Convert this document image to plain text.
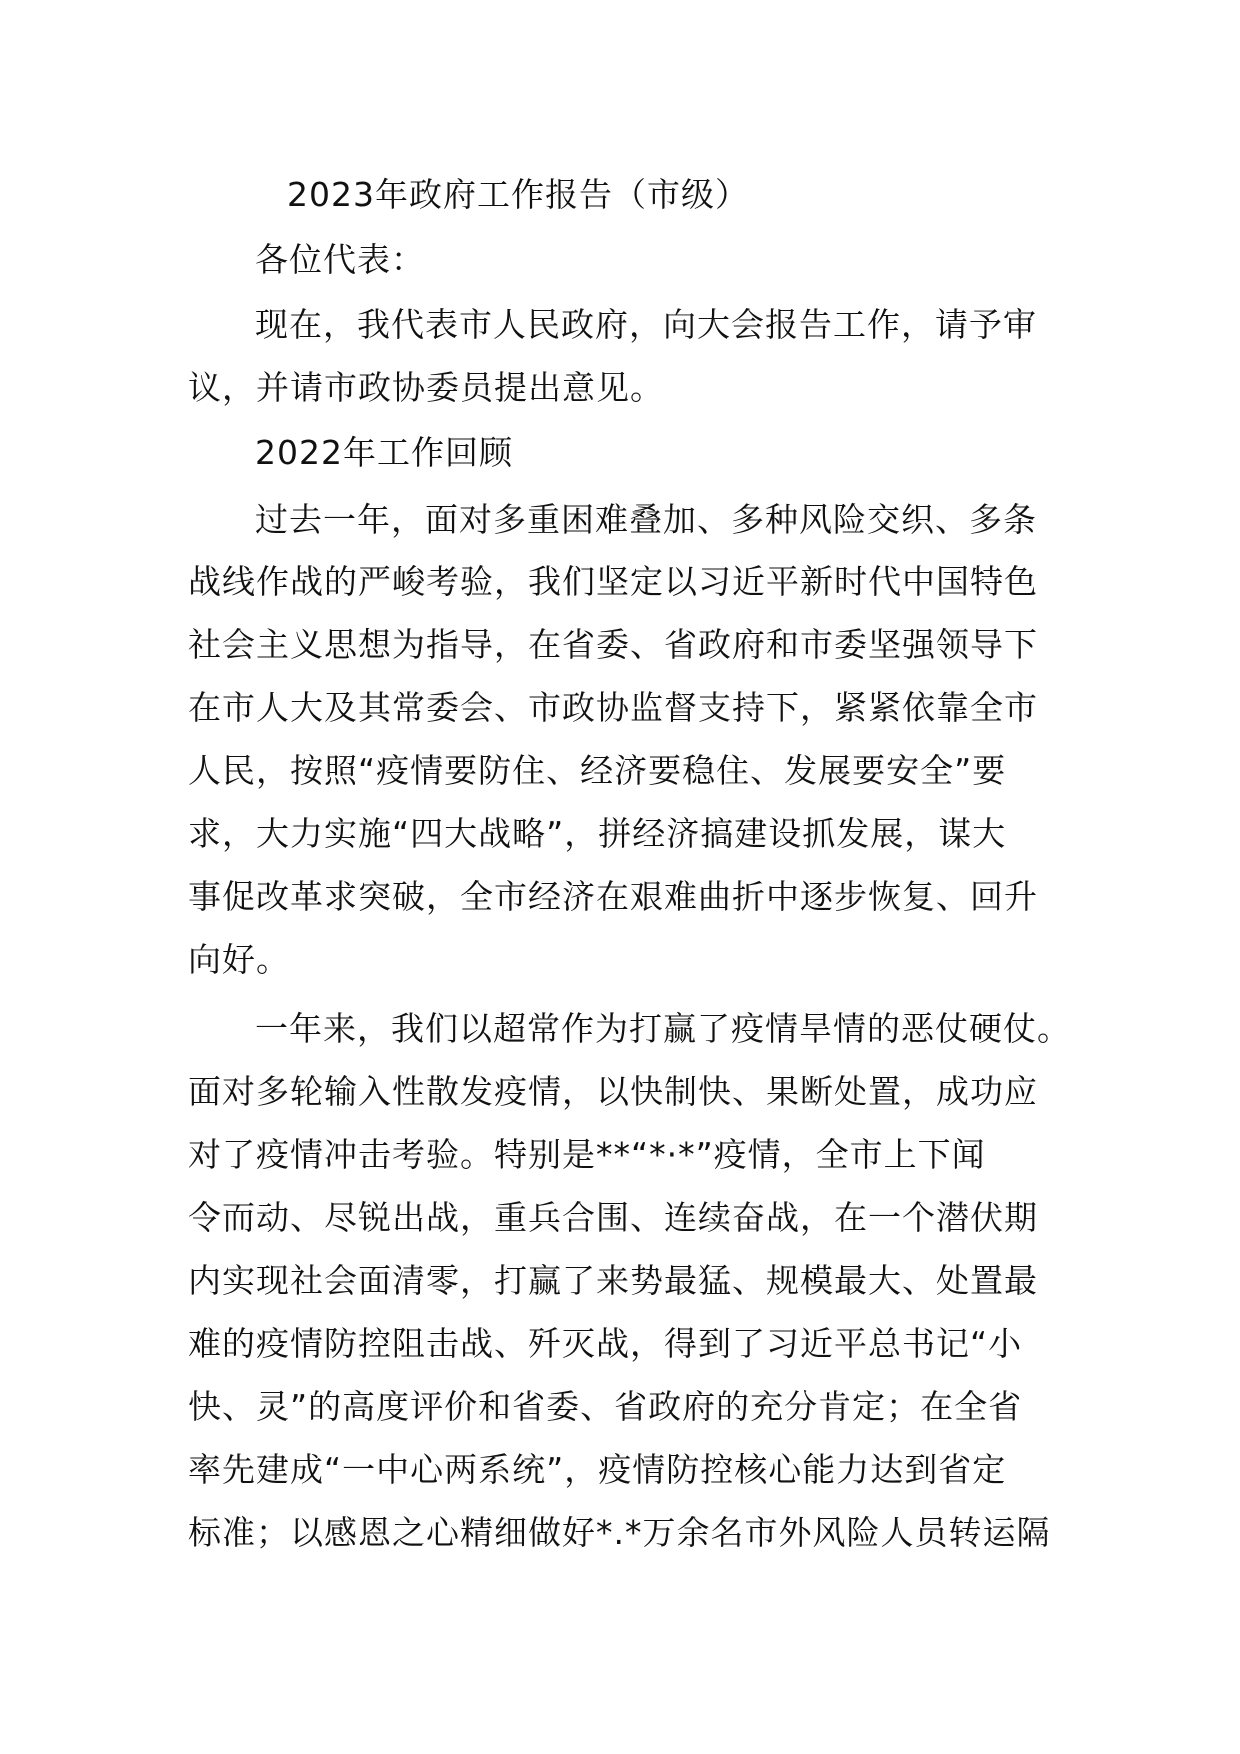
2023年政府工作报告（市级）
各位代表：
现在，我代表市人民政府，向大会报告工作，请予审
议，并请市政协委员提出意见。
2022年工作回顾
过去一年，面对多重困难叠加、多种风险交织、多条
战线作战的严峻考验，我们坚定以习近平新时代中国特色
社会主义思想为指导，在省委、省政府和市委坚强领导下
在市人大及其常委会、市政协监督支持下，紧紧依靠全市
人民，按照“疫情要防住、经济要稳住、发展要安全”要
求，大力实施“四大战略”，拼经济搞建设抓发展，谋大
事促改革求突破，全市经济在艰难曲折中逐步恢复、回升
向好。
一年来，我们以超常作为打赢了疫情旱情的恶仗硬仗。
面对多轮输入性散发疫情，以快制快、果断处置，成功应
对了疫情冲击考验。特别是**“*·*”疫情，全市上下闻
令而动、尽锐出战，重兵合围、连续奋战，在一个潜伏期
内实现社会面清零，打赢了来势最猛、规模最大、处置最
难的疫情防控阻击战、歼灭战，得到了习近平总书记“小
快、灵”的高度评价和省委、省政府的充分肯定；在全省
率先建成“一中心两系统”，疫情防控核心能力达到省定
标准；以感恩之心精细做好*.*万余名市外风险人员转运隔
